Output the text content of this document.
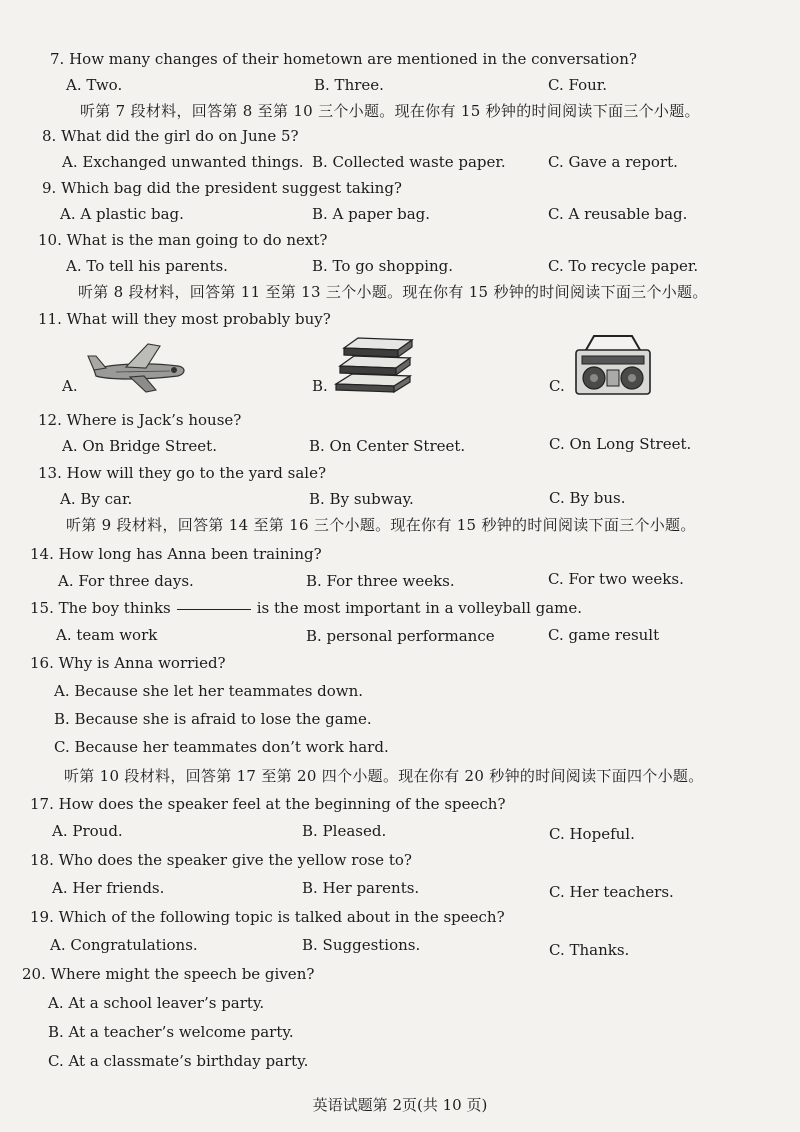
7. How many changes of their hometown are mentioned in the conversation?
A. Two.	B. Three.	C. Four.
听第 7 段材料，回答第 8 至第 10 三个小题。现在你有 15 秒钟的时间阅读下面三个小题。
8. What did the girl do on June 5?
A. Exchanged unwanted things. B. Collected waste paper.	C. Gave a report.
9. Which bag did the president suggest taking?
A. A plastic bag.	B. A paper bag.	C. A reusable bag.
10. What is the man going to do next?
A. To tell his parents.	B. To go shopping.	C. To recycle paper.
听第 8 段材料，回答第 11 至第 13 三个小题。现在你有 15 秒钟的时间阅读下面三个小题。
11. What will they most probably buy?
A.	B.	C.
12. Where is Jack’s house?
A. On Bridge Street.	B. On Center Street.	C. On Long Street.
13. How will they go to the yard sale?
A. By car.	B. By subway.	C. By bus.
听第 9 段材料，回答第 14 至第 16 三个小题。现在你有 15 秒钟的时间阅读下面三个小题。
14. How long has Anna been training?
A. For three days.	B. For three weeks.	C. For two weeks.
15. The boy thinks	is the most important in a volleyball game.
A. team work	B. personal performance	C. game result
16. Why is Anna worried?
A. Because she let her teammates down.
B. Because she is afraid to lose the game.
C. Because her teammates don’t work hard.
听第 10 段材料，回答第 17 至第 20 四个小题。现在你有 20 秒钟的时间阅读下面四个小题。
17. How does the speaker feel at the beginning of the speech?
A. Proud.	B. Pleased.	C. Hopeful.
18. Who does the speaker give the yellow rose to?
A. Her friends.	B. Her parents.	C. Her teachers.
19. Which of the following topic is talked about in the speech?
A. Congratulations.	B. Suggestions.	C. Thanks.
20. Where might the speech be given?
A. At a school leaver’s party.
B. At a teacher’s welcome party.
C. At a classmate’s birthday party.
英语试题第 2页(共 10 页)
